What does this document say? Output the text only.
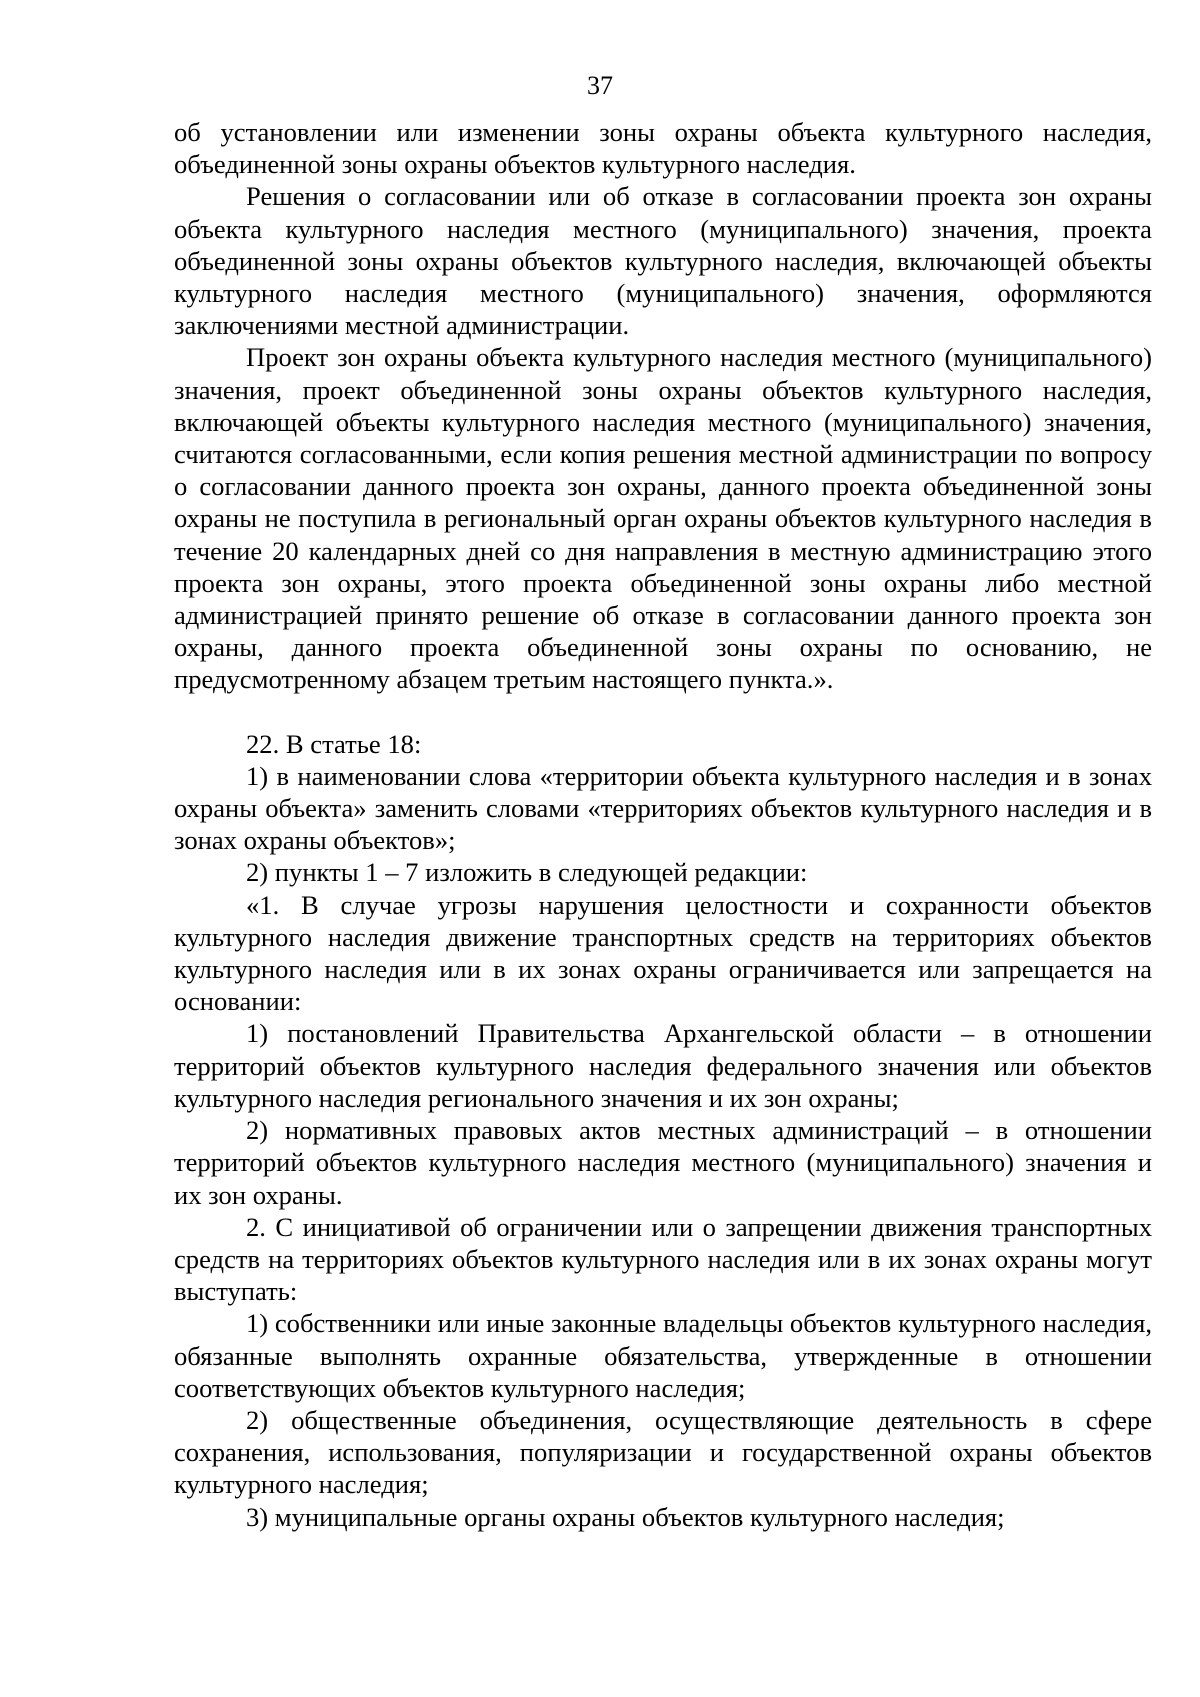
37

об установлении или изменении зоны охраны объекта культурного наследия, объединенной зоны охраны объектов культурного наследия.

Решения о согласовании или об отказе в согласовании проекта зон охраны объекта культурного наследия местного (муниципального) значения, проекта объединенной зоны охраны объектов культурного наследия, включающей объекты культурного наследия местного (муниципального) значения, оформляются заключениями местной администрации.

Проект зон охраны объекта культурного наследия местного (муниципального) значения, проект объединенной зоны охраны объектов культурного наследия, включающей объекты культурного наследия местного (муниципального) значения, считаются согласованными, если копия решения местной администрации по вопросу о согласовании данного проекта зон охраны, данного проекта объединенной зоны охраны не поступила в региональный орган охраны объектов культурного наследия в течение 20 календарных дней со дня направления в местную администрацию этого проекта зон охраны, этого проекта объединенной зоны охраны либо местной администрацией принято решение об отказе в согласовании данного проекта зон охраны, данного проекта объединенной зоны охраны по основанию, не предусмотренному абзацем третьим настоящего пункта.».

22. В статье 18:

1) в наименовании слова «территории объекта культурного наследия и в зонах охраны объекта» заменить словами «территориях объектов культурного наследия и в зонах охраны объектов»;

2) пункты 1 – 7 изложить в следующей редакции:

«1. В случае угрозы нарушения целостности и сохранности объектов культурного наследия движение транспортных средств на территориях объектов культурного наследия или в их зонах охраны ограничивается или запрещается на основании:

1) постановлений Правительства Архангельской области – в отношении территорий объектов культурного наследия федерального значения или объектов культурного наследия регионального значения и их зон охраны;

2) нормативных правовых актов местных администраций – в отношении территорий объектов культурного наследия местного (муниципального) значения и их зон охраны.

2. С инициативой об ограничении или о запрещении движения транспортных средств на территориях объектов культурного наследия или в их зонах охраны могут выступать:

1) собственники или иные законные владельцы объектов культурного наследия, обязанные выполнять охранные обязательства, утвержденные в отношении соответствующих объектов культурного наследия;

2) общественные объединения, осуществляющие деятельность в сфере сохранения, использования, популяризации и государственной охраны объектов культурного наследия;

3) муниципальные органы охраны объектов культурного наследия;
